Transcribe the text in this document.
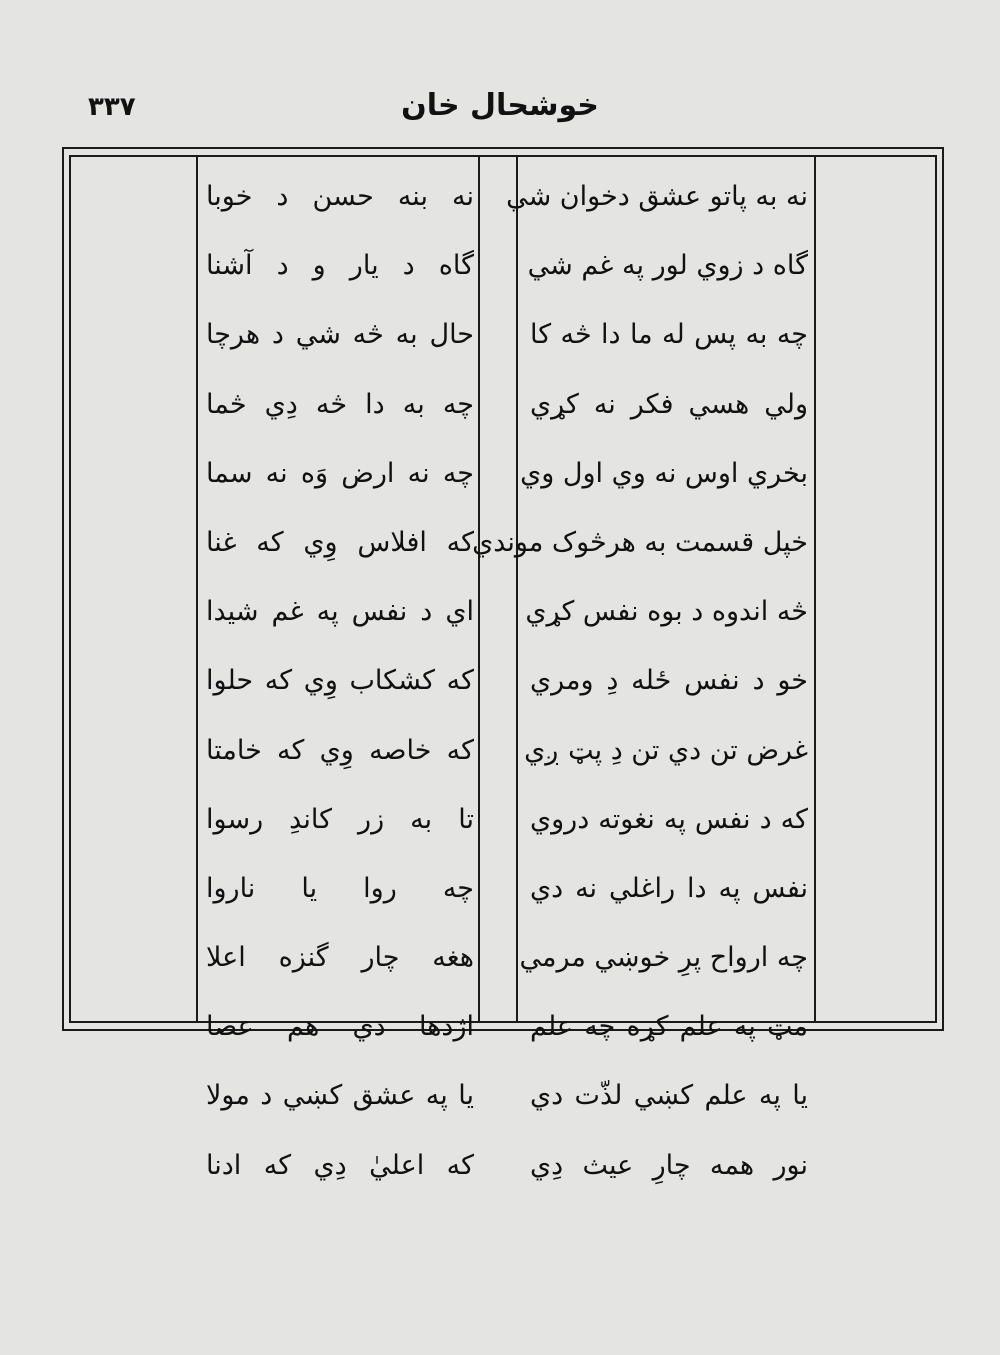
۳۳۷	خوشحال خان
نه به پاتو عشق دخوان شي
گاه د زوي لور په غم شي
چه به پس له ما دا څه کا
ولي هسي فکر نه کړي
بخري اوس نه وي اول وي
خپل قسمت به هرڅوک موندي
څه اندوه د بوه نفس کړي
خو د نفس ځله دِ ومري
غرض تن دي تن دِ پټ ږي
که د نفس په نغوته دروي
نفس په دا راغلي نه دي
چه ارواح پرِ خوښي مرمي
مټ په علم کړه چه علم
يا په علم کښي لذّت دي
نور همه چارِ عيث دِي
نه بنه حسن د خوبا
گاه د يار و د آشنا
حال به څه شي د هرچا
چه به دا څه دِي څما
چه نه ارض وَه نه سما
که افلاس وِي که غنا
اي د نفس په غم شيدا
که کشکاب وِي که حلوا
که خاصه وِي که خامتا
تا به زر کاندِ رسوا
چه روا يا ناروا
هغه چار گنزه اعلا
اژدها دي هم عصا
يا په عشق کښي د مولا
که اعليٰ دِي که ادنا
